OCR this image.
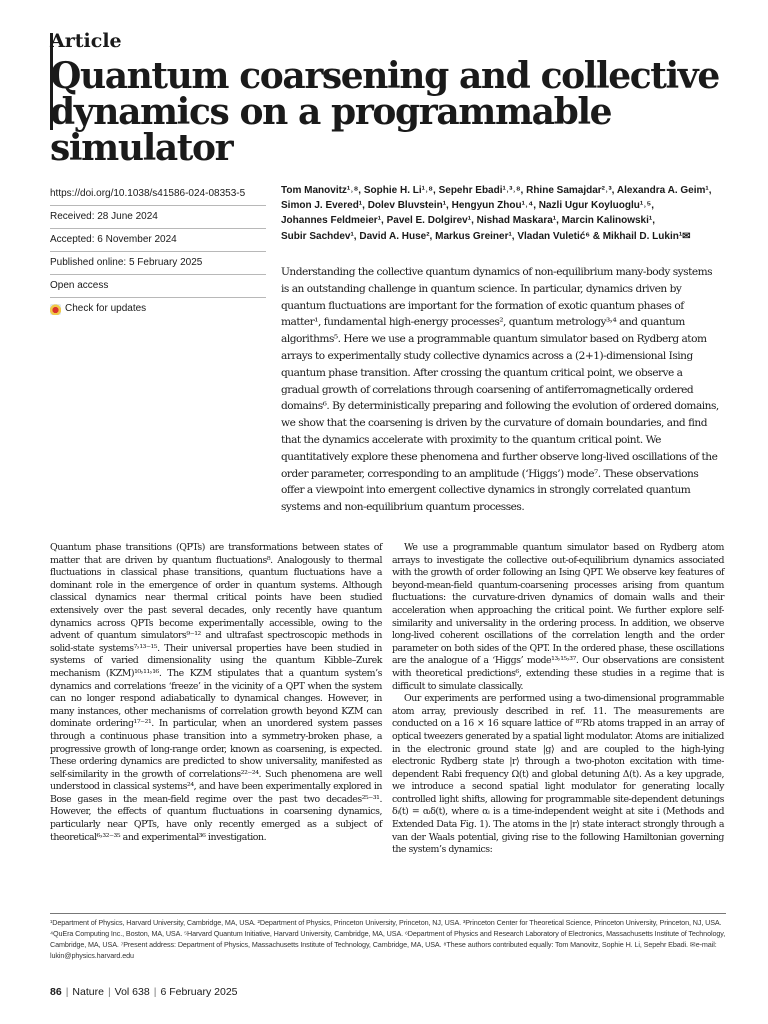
Article
Quantum coarsening and collective
dynamics on a programmable simulator
https://doi.org/10.1038/s41586-024-08353-5
Received: 28 June 2024
Accepted: 6 November 2024
Published online: 5 February 2025
Open access
Check for updates
Tom Manovitz¹˒⁸, Sophie H. Li¹˒⁸, Sepehr Ebadi¹˒³˒⁸, Rhine Samajdar²˒³, Alexandra A. Geim¹,
Simon J. Evered¹, Dolev Bluvstein¹, Hengyun Zhou¹˒⁴, Nazli Ugur Koyluoglu¹˒⁵,
Johannes Feldmeier¹, Pavel E. Dolgirev¹, Nishad Maskara¹, Marcin Kalinowski¹,
Subir Sachdev¹, David A. Huse², Markus Greiner¹, Vladan Vuletić⁶ & Mikhail D. Lukin¹✉
Understanding the collective quantum dynamics of non-equilibrium many-body systems is an outstanding challenge in quantum science. In particular, dynamics driven by quantum fluctuations are important for the formation of exotic quantum phases of matter¹, fundamental high-energy processes², quantum metrology³˒⁴ and quantum algorithms⁵. Here we use a programmable quantum simulator based on Rydberg atom arrays to experimentally study collective dynamics across a (2+1)-dimensional Ising quantum phase transition. After crossing the quantum critical point, we observe a gradual growth of correlations through coarsening of antiferromagnetically ordered domains⁶. By deterministically preparing and following the evolution of ordered domains, we show that the coarsening is driven by the curvature of domain boundaries, and find that the dynamics accelerate with proximity to the quantum critical point. We quantitatively explore these phenomena and further observe long-lived oscillations of the order parameter, corresponding to an amplitude (‘Higgs’) mode⁷. These observations offer a viewpoint into emergent collective dynamics in strongly correlated quantum systems and non-equilibrium quantum processes.

Quantum phase transitions (QPTs) are transformations between states of matter that are driven by quantum fluctuations⁸. Analogously to thermal fluctuations in classical phase transitions, quantum fluctuations have a dominant role in the emergence of order in quantum systems. Although classical dynamics near thermal critical points have been studied extensively over the past several decades, only recently have quantum dynamics across QPTs become experimentally accessible, owing to the advent of quantum simulators⁹⁻¹² and ultrafast spectroscopic methods in solid-state systems⁷˒¹³⁻¹⁵. Their universal properties have been studied in systems of varied dimensionality using the quantum Kibble–Zurek mechanism (KZM)¹⁰˒¹¹˒¹⁶. The KZM stipulates that a quantum system’s dynamics and correlations ‘freeze’ in the vicinity of a QPT when the system can no longer respond adiabatically to dynamical changes. However, in many instances, other mechanisms of correlation growth beyond KZM can dominate ordering¹⁷⁻²¹. In particular, when an unordered system passes through a continuous phase transition into a symmetry-broken phase, a progressive growth of long-range order, known as coarsening, is expected. These ordering dynamics are predicted to show universality, manifested as self-similarity in the growth of correlations²²⁻²⁴. Such phenomena are well understood in classical systems²⁴, and have been experimentally explored in Bose gases in the mean-field regime over the past two decades²⁵⁻³¹. However, the effects of quantum fluctuations in coarsening dynamics, particularly near QPTs, have only recently emerged as a subject of theoretical⁶˒³²⁻³⁵ and experimental³⁶ investigation.

We use a programmable quantum simulator based on Rydberg atom arrays to investigate the collective out-of-equilibrium dynamics associated with the growth of order following an Ising QPT. We observe key features of beyond-mean-field quantum-coarsening processes arising from quantum fluctuations: the curvature-driven dynamics of domain walls and their acceleration when approaching the critical point. We further explore self-similarity and universality in the ordering process. In addition, we observe long-lived coherent oscillations of the correlation length and the order parameter on both sides of the QPT. In the ordered phase, these oscillations are the analogue of a ‘Higgs’ mode¹³˒¹⁵˒³⁷. Our observations are consistent with theoretical predictions⁶, extending these studies in a regime that is difficult to simulate classically.

Our experiments are performed using a two-dimensional programmable atom array, previously described in ref. 11. The measurements are conducted on a 16 × 16 square lattice of ⁸⁷Rb atoms trapped in an array of optical tweezers generated by a spatial light modulator. Atoms are initialized in the electronic ground state |g⟩ and are coupled to the high-lying electronic Rydberg state |r⟩ through a two-photon excitation with time-dependent Rabi frequency Ω(t) and global detuning Δ(t). As a key upgrade, we introduce a second spatial light modulator for generating locally controlled light shifts, allowing for programmable site-dependent detunings δᵢ(t) = αᵢδ(t), where αᵢ is a time-independent weight at site i (Methods and Extended Data Fig. 1). The atoms in the |r⟩ state interact strongly through a van der Waals potential, giving rise to the following Hamiltonian governing the system’s dynamics:

¹Department of Physics, Harvard University, Cambridge, MA, USA. ²Department of Physics, Princeton University, Princeton, NJ, USA. ³Princeton Center for Theoretical Science, Princeton University, Princeton, NJ, USA. ⁴QuEra Computing Inc., Boston, MA, USA. ⁵Harvard Quantum Initiative, Harvard University, Cambridge, MA, USA. ⁶Department of Physics and Research Laboratory of Electronics, Massachusetts Institute of Technology, Cambridge, MA, USA. ⁷Present address: Department of Physics, Massachusetts Institute of Technology, Cambridge, MA, USA. ⁸These authors contributed equally: Tom Manovitz, Sophie H. Li, Sepehr Ebadi. ✉e-mail: lukin@physics.harvard.edu
86 | Nature | Vol 638 | 6 February 2025
